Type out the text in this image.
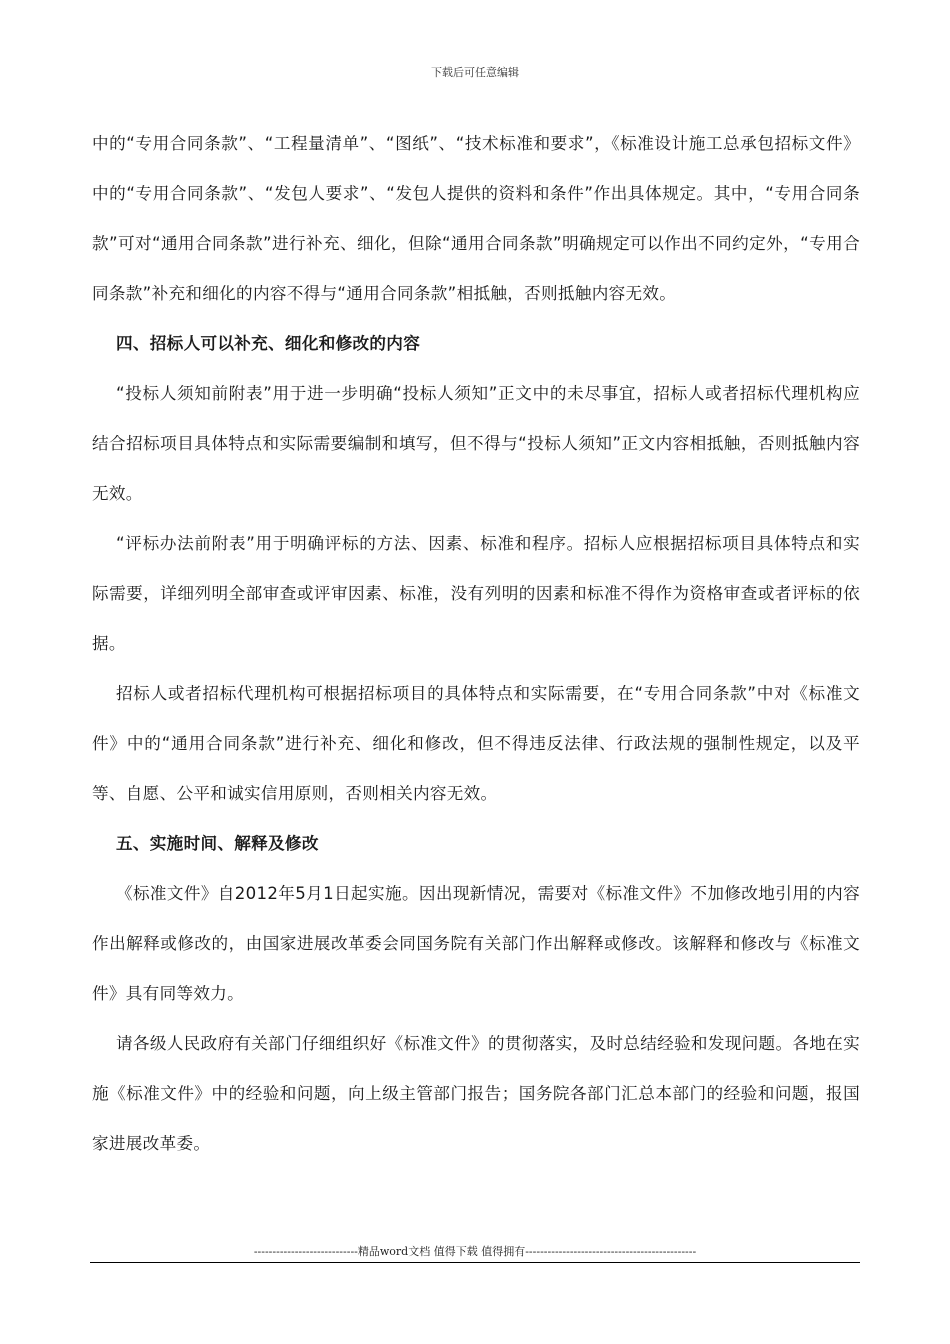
下载后可任意编辑

中的“专用合同条款”、“工程量清单”、“图纸”、“技术标准和要求”，《标准设计施工总承包招标文件》中的“专用合同条款”、“发包人要求”、“发包人提供的资料和条件”作出具体规定。其中，“专用合同条款”可对“通用合同条款”进行补充、细化，但除“通用合同条款”明确规定可以作出不同约定外，“专用合同条款”补充和细化的内容不得与“通用合同条款”相抵触，否则抵触内容无效。

四、招标人可以补充、细化和修改的内容

“投标人须知前附表”用于进一步明确“投标人须知”正文中的未尽事宜，招标人或者招标代理机构应结合招标项目具体特点和实际需要编制和填写，但不得与“投标人须知”正文内容相抵触，否则抵触内容无效。

“评标办法前附表”用于明确评标的方法、因素、标准和程序。招标人应根据招标项目具体特点和实际需要，详细列明全部审查或评审因素、标准，没有列明的因素和标准不得作为资格审查或者评标的依据。

招标人或者招标代理机构可根据招标项目的具体特点和实际需要，在“专用合同条款”中对《标准文件》中的“通用合同条款”进行补充、细化和修改，但不得违反法律、行政法规的强制性规定，以及平等、自愿、公平和诚实信用原则，否则相关内容无效。

五、实施时间、解释及修改

《标准文件》自2012年5月1日起实施。因出现新情况，需要对《标准文件》不加修改地引用的内容作出解释或修改的，由国家进展改革委会同国务院有关部门作出解释或修改。该解释和修改与《标准文件》具有同等效力。

请各级人民政府有关部门仔细组织好《标准文件》的贯彻落实，及时总结经验和发现问题。各地在实施《标准文件》中的经验和问题，向上级主管部门报告；国务院各部门汇总本部门的经验和问题，报国家进展改革委。

----------------------------精品word文档 值得下载 值得拥有----------------------------------------------
